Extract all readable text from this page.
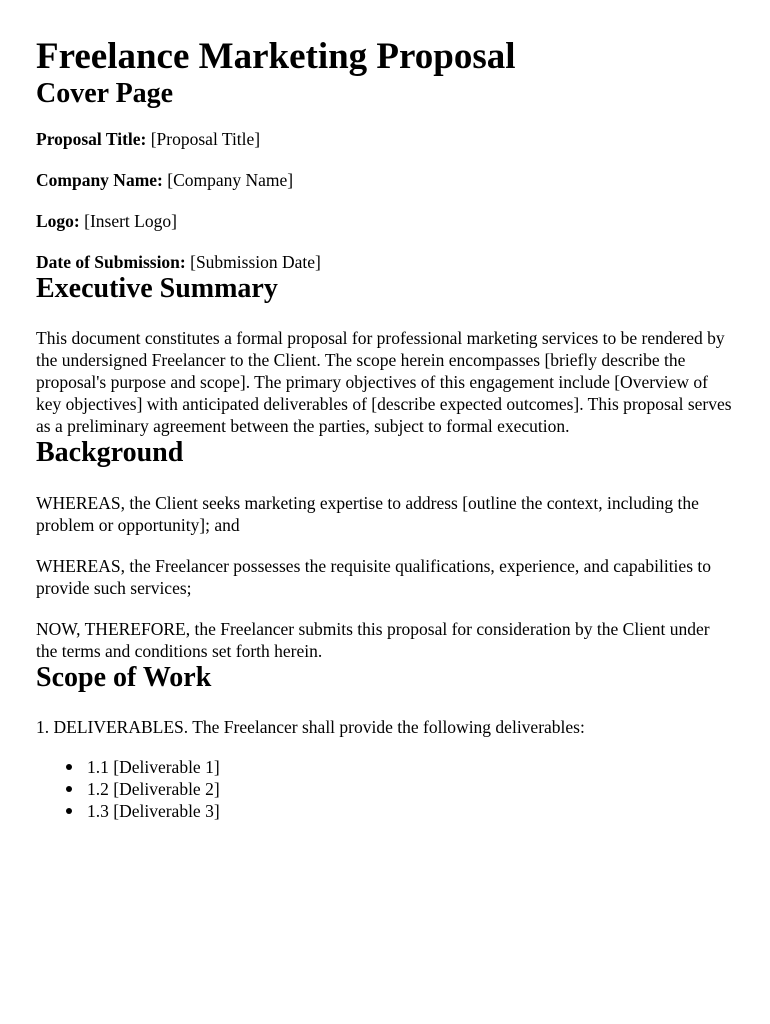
Freelance Marketing Proposal
Cover Page

Proposal Title: [Proposal Title]

Company Name: [Company Name]

Logo: [Insert Logo]

Date of Submission: [Submission Date]

Executive Summary

This document constitutes a formal proposal for professional marketing services to be rendered by the undersigned Freelancer to the Client. The scope herein encompasses [briefly describe the proposal's purpose and scope]. The primary objectives of this engagement include [Overview of key objectives] with anticipated deliverables of [describe expected outcomes]. This proposal serves as a preliminary agreement between the parties, subject to formal execution.

Background

WHEREAS, the Client seeks marketing expertise to address [outline the context, including the problem or opportunity]; and

WHEREAS, the Freelancer possesses the requisite qualifications, experience, and capabilities to provide such services;

NOW, THEREFORE, the Freelancer submits this proposal for consideration by the Client under the terms and conditions set forth herein.

Scope of Work

1. DELIVERABLES. The Freelancer shall provide the following deliverables:

1.1 [Deliverable 1]
1.2 [Deliverable 2]
1.3 [Deliverable 3]
